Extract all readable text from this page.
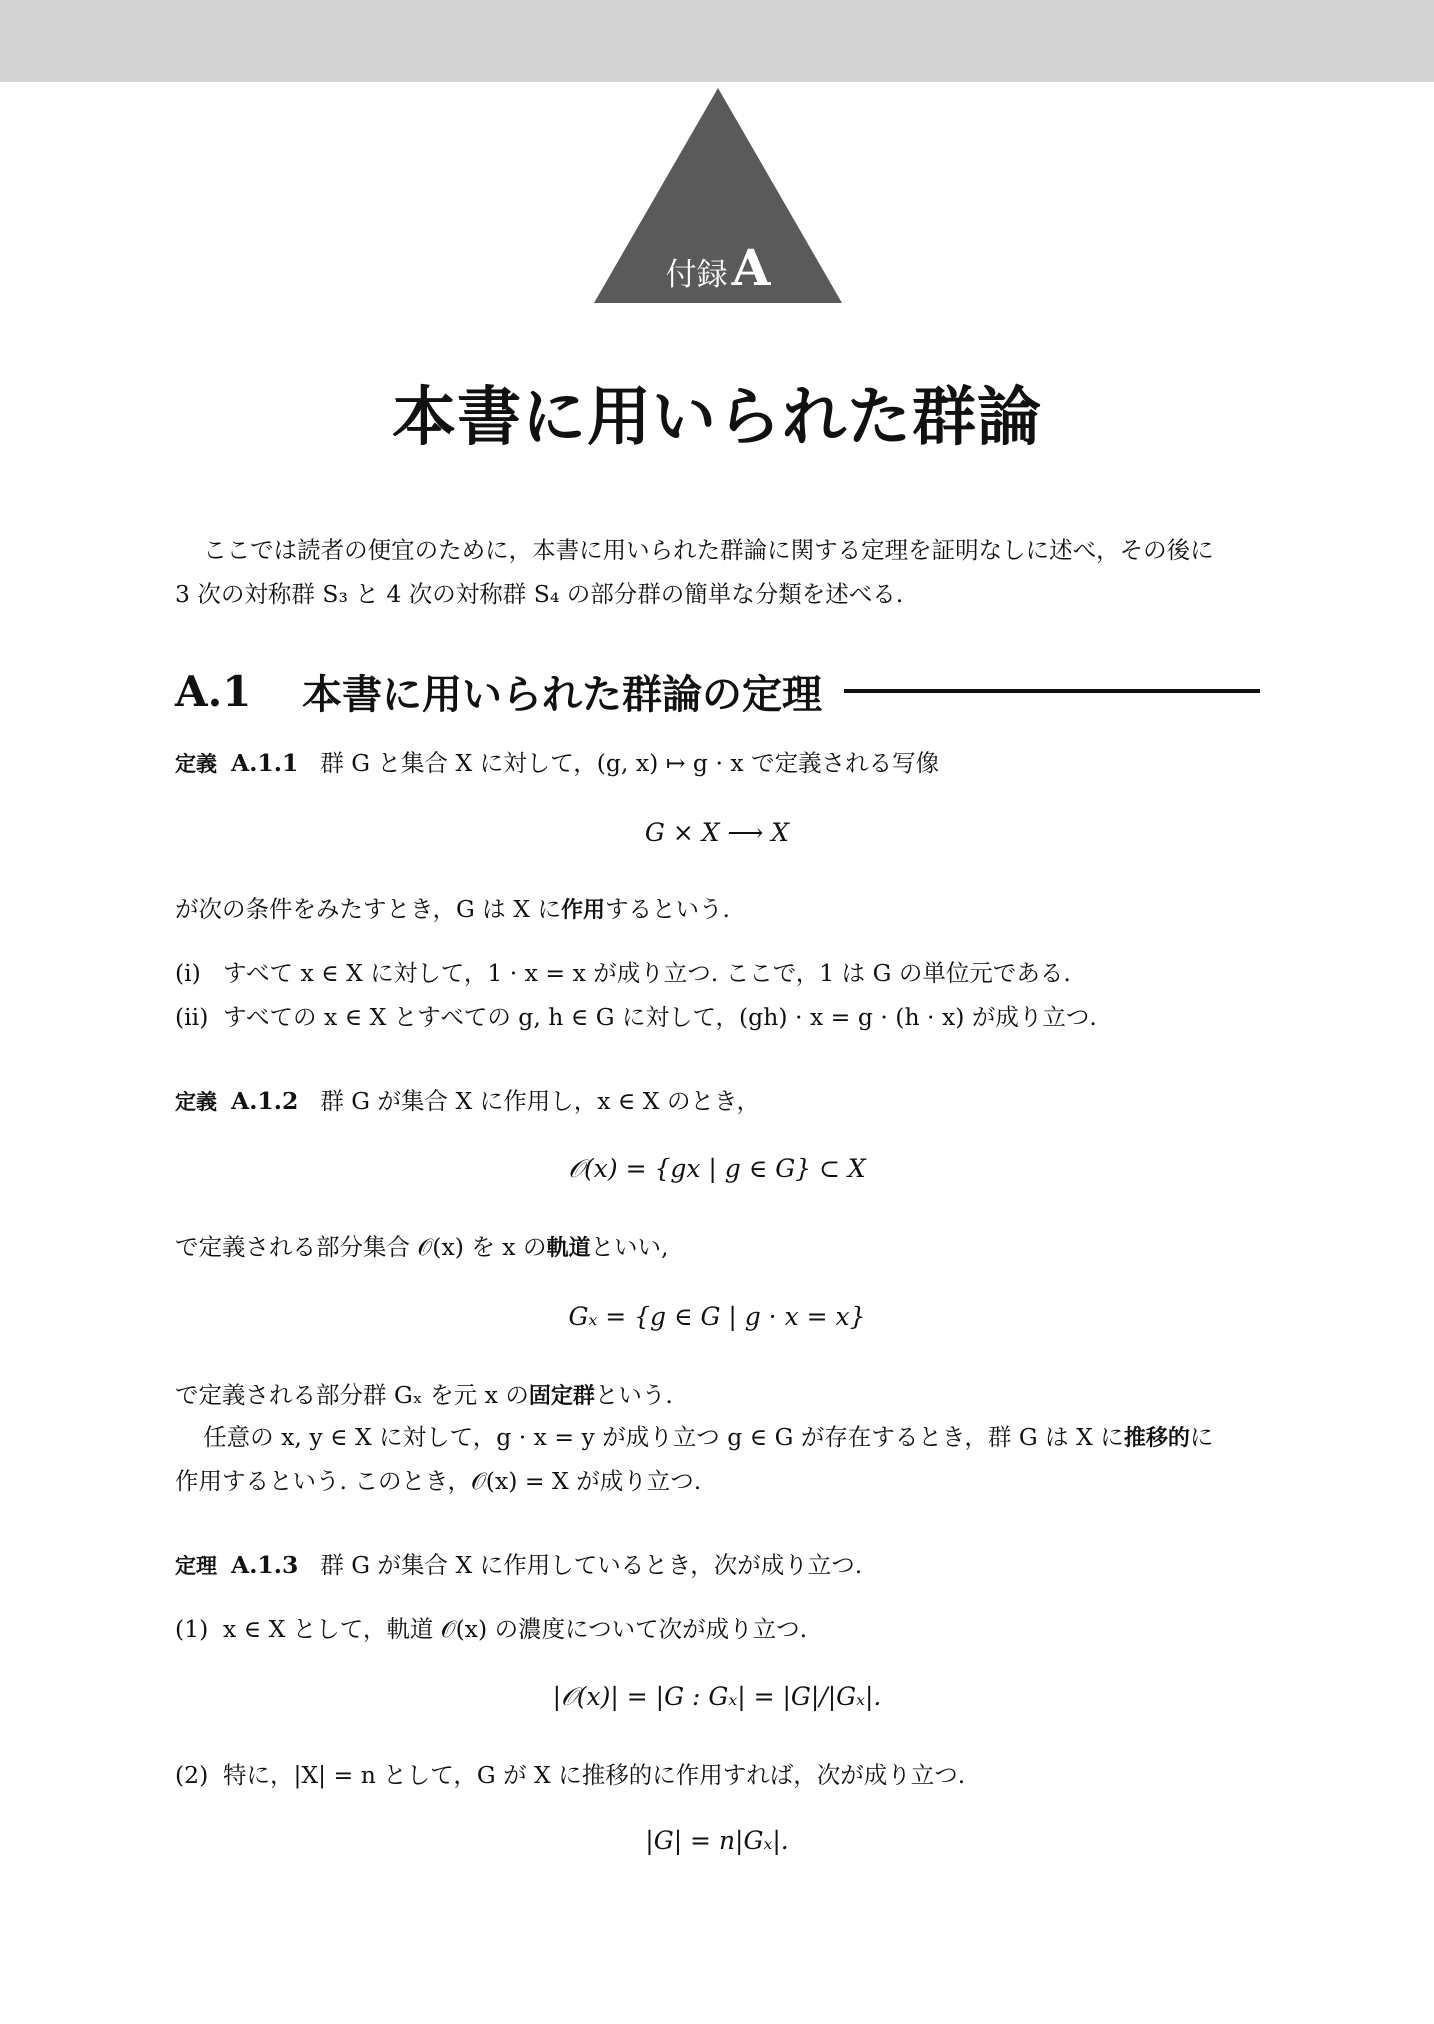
付録A
本書に用いられた群論
ここでは読者の便宜のために，本書に用いられた群論に関する定理を証明なしに述べ，その後に
3 次の対称群 S₃ と 4 次の対称群 S₄ の部分群の簡単な分類を述べる.
A.1	本書に用いられた群論の定理
定義 A.1.1 群 G と集合 X に対して，(g, x) ↦ g · x で定義される写像
G × X ⟶ X
が次の条件をみたすとき，G は X に作用するという.
(i) すべて x ∈ X に対して，1 · x = x が成り立つ. ここで，1 は G の単位元である.
(ii) すべての x ∈ X とすべての g, h ∈ G に対して，(gh) · x = g · (h · x) が成り立つ.
定義 A.1.2 群 G が集合 X に作用し，x ∈ X のとき，
𝒪(x) = {gx | g ∈ G} ⊂ X
で定義される部分集合 𝒪(x) を x の軌道といい,
Gₓ = {g ∈ G | g · x = x}
で定義される部分群 Gₓ を元 x の固定群という.
任意の x, y ∈ X に対して，g · x = y が成り立つ g ∈ G が存在するとき，群 G は X に推移的に
作用するという. このとき，𝒪(x) = X が成り立つ.
定理 A.1.3 群 G が集合 X に作用しているとき，次が成り立つ.
(1) x ∈ X として，軌道 𝒪(x) の濃度について次が成り立つ.
|𝒪(x)| = |G : Gₓ| = |G|/|Gₓ|.
(2) 特に，|X| = n として，G が X に推移的に作用すれば，次が成り立つ.
|G| = n|Gₓ|.
